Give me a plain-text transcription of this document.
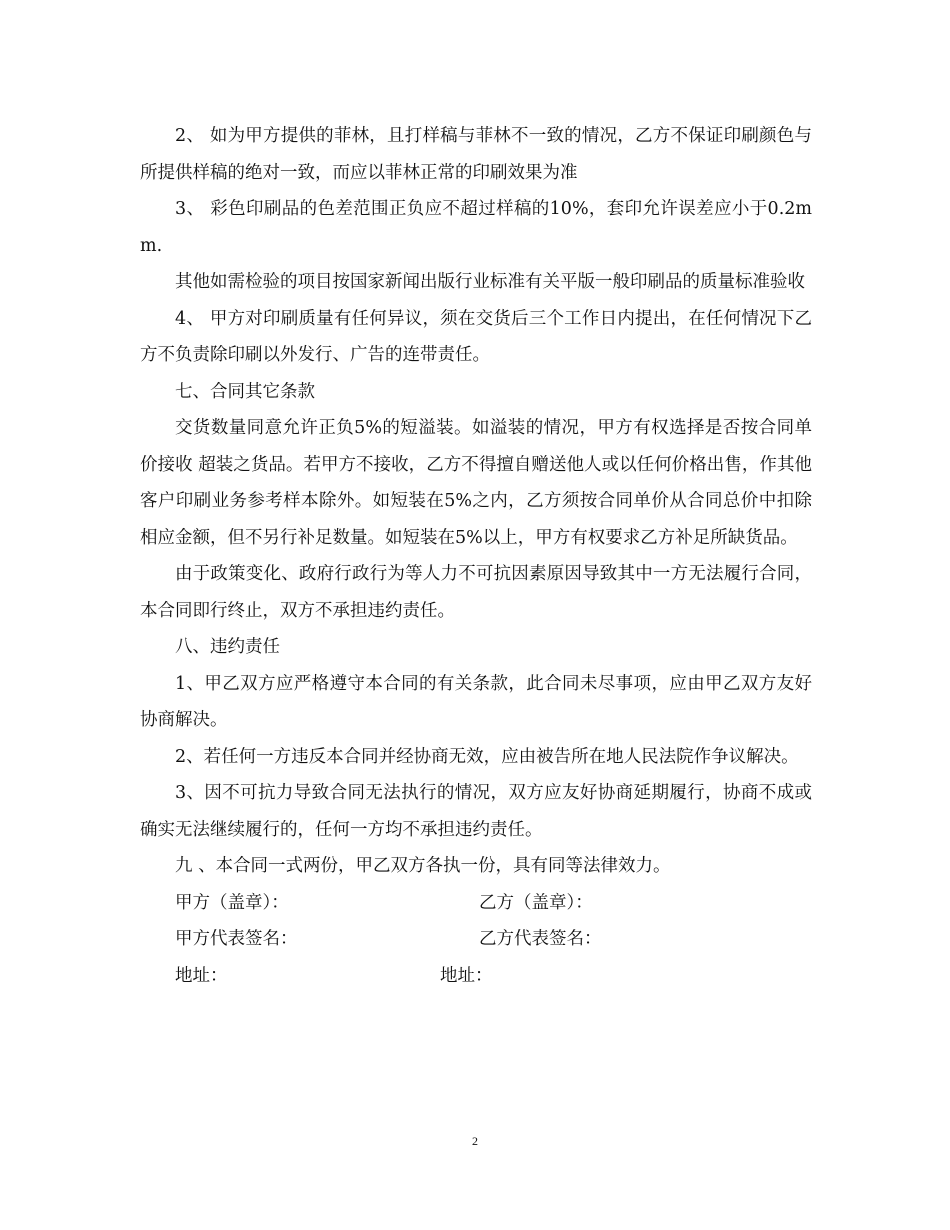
2、 如为甲方提供的菲林，且打样稿与菲林不一致的情况，乙方不保证印刷颜色与所提供样稿的绝对一致，而应以菲林正常的印刷效果为准

3、 彩色印刷品的色差范围正负应不超过样稿的10%，套印允许误差应小于0.2mm.

其他如需检验的项目按国家新闻出版行业标准有关平版一般印刷品的质量标准验收

4、 甲方对印刷质量有任何异议，须在交货后三个工作日内提出，在任何情况下乙方不负责除印刷以外发行、广告的连带责任。

七、合同其它条款

交货数量同意允许正负5%的短溢装。如溢装的情况，甲方有权选择是否按合同单价接收 超装之货品。若甲方不接收，乙方不得擅自赠送他人或以任何价格出售，作其他客户印刷业务参考样本除外。如短装在5%之内，乙方须按合同单价从合同总价中扣除相应金额，但不另行补足数量。如短装在5%以上，甲方有权要求乙方补足所缺货品。

由于政策变化、政府行政行为等人力不可抗因素原因导致其中一方无法履行合同，本合同即行终止，双方不承担违约责任。

八、违约责任

1、甲乙双方应严格遵守本合同的有关条款，此合同未尽事项，应由甲乙双方友好协商解决。

2、若任何一方违反本合同并经协商无效，应由被告所在地人民法院作争议解决。

3、因不可抗力导致合同无法执行的情况，双方应友好协商延期履行，协商不成或确实无法继续履行的，任何一方均不承担违约责任。

九 、本合同一式两份，甲乙双方各执一份，具有同等法律效力。

甲方（盖章）：	乙方（盖章）：
甲方代表签名：	乙方代表签名：
地址：	地址：
2
